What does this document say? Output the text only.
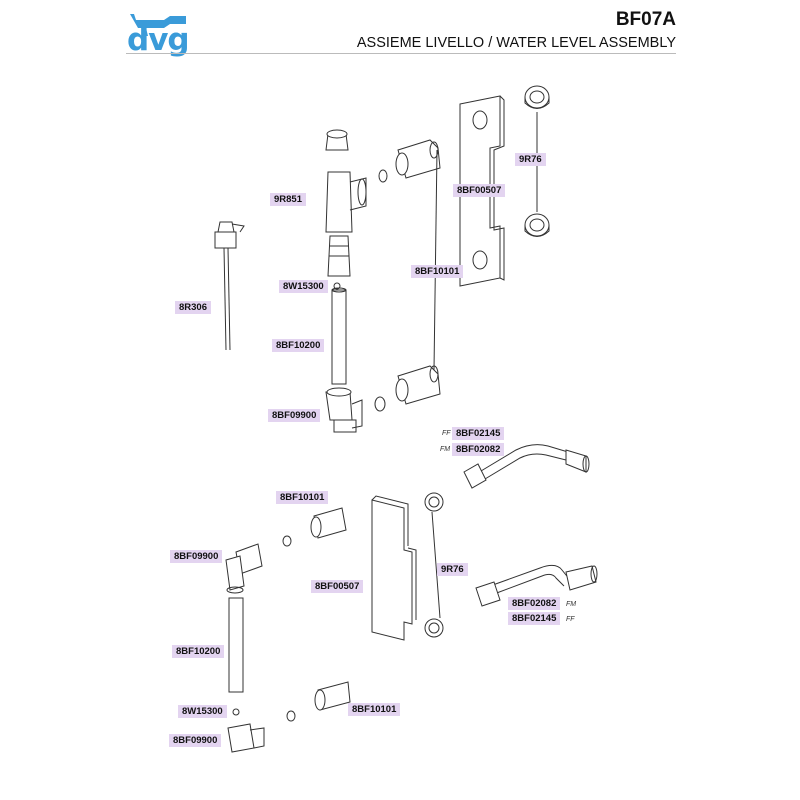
dvg
BF07A
ASSIEME LIVELLO / WATER LEVEL ASSEMBLY
9R76
9R851
8BF00507
8BF10101
8W15300
8R306
8BF10200
8BF09900
FF 8BF02145
FM 8BF02082
8BF10101
8BF09900
8BF00507
9R76
8BF02082	FM
8BF02145	FF
8BF10200
8W15300	8BF10101
8BF09900
